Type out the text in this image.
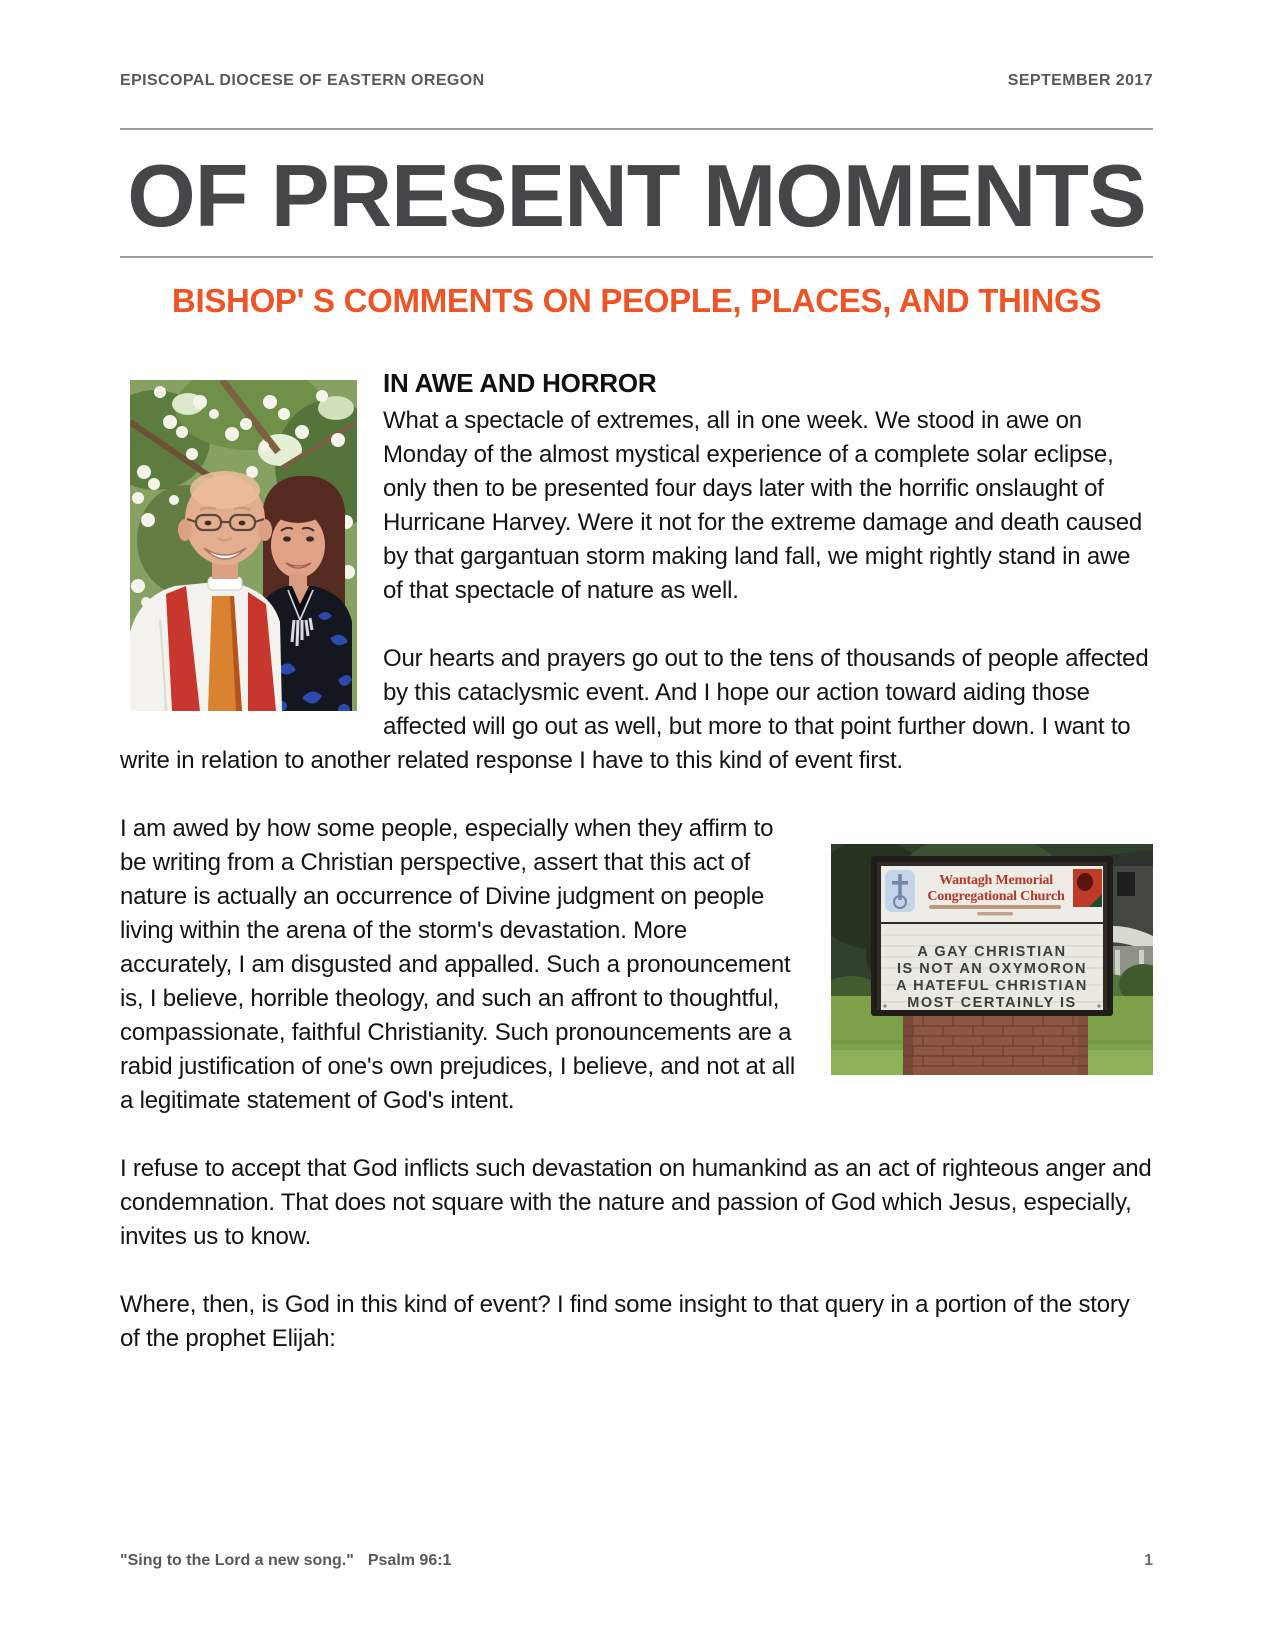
EPISCOPAL DIOCESE OF EASTERN OREGON	SEPTEMBER 2017
OF PRESENT MOMENTS
BISHOP' S COMMENTS ON PEOPLE, PLACES, AND THINGS
IN AWE AND HORROR

What a spectacle of extremes, all in one week. We stood in awe on Monday of the almost mystical experience of a complete solar eclipse, only then to be presented four days later with the horrific onslaught of Hurricane Harvey. Were it not for the extreme damage and death caused by that gargantuan storm making land fall, we might rightly stand in awe of that spectacle of nature as well.

Our hearts and prayers go out to the tens of thousands of people affected by this cataclysmic event. And I hope our action toward aiding those affected will go out as well, but more to that point further down. I want to write in relation to another related response I have to this kind of event first.

Wantagh Memorial
Congregational Church
A GAY CHRISTIAN
IS NOT AN OXYMORON
A HATEFUL CHRISTIAN
MOST CERTAINLY IS

I am awed by how some people, especially when they affirm to be writing from a Christian perspective, assert that this act of nature is actually an occurrence of Divine judgment on people living within the arena of the storm's devastation. More accurately, I am disgusted and appalled. Such a pronouncement is, I believe, horrible theology, and such an affront to thoughtful, compassionate, faithful Christianity. Such pronouncements are a rabid justification of one's own prejudices, I believe, and not at all a legitimate statement of God's intent.

I refuse to accept that God inflicts such devastation on humankind as an act of righteous anger and condemnation. That does not square with the nature and passion of God which Jesus, especially, invites us to know.

Where, then, is God in this kind of event? I find some insight to that query in a portion of the story of the prophet Elijah:

"Sing to the Lord a new song." Psalm 96:1	1
